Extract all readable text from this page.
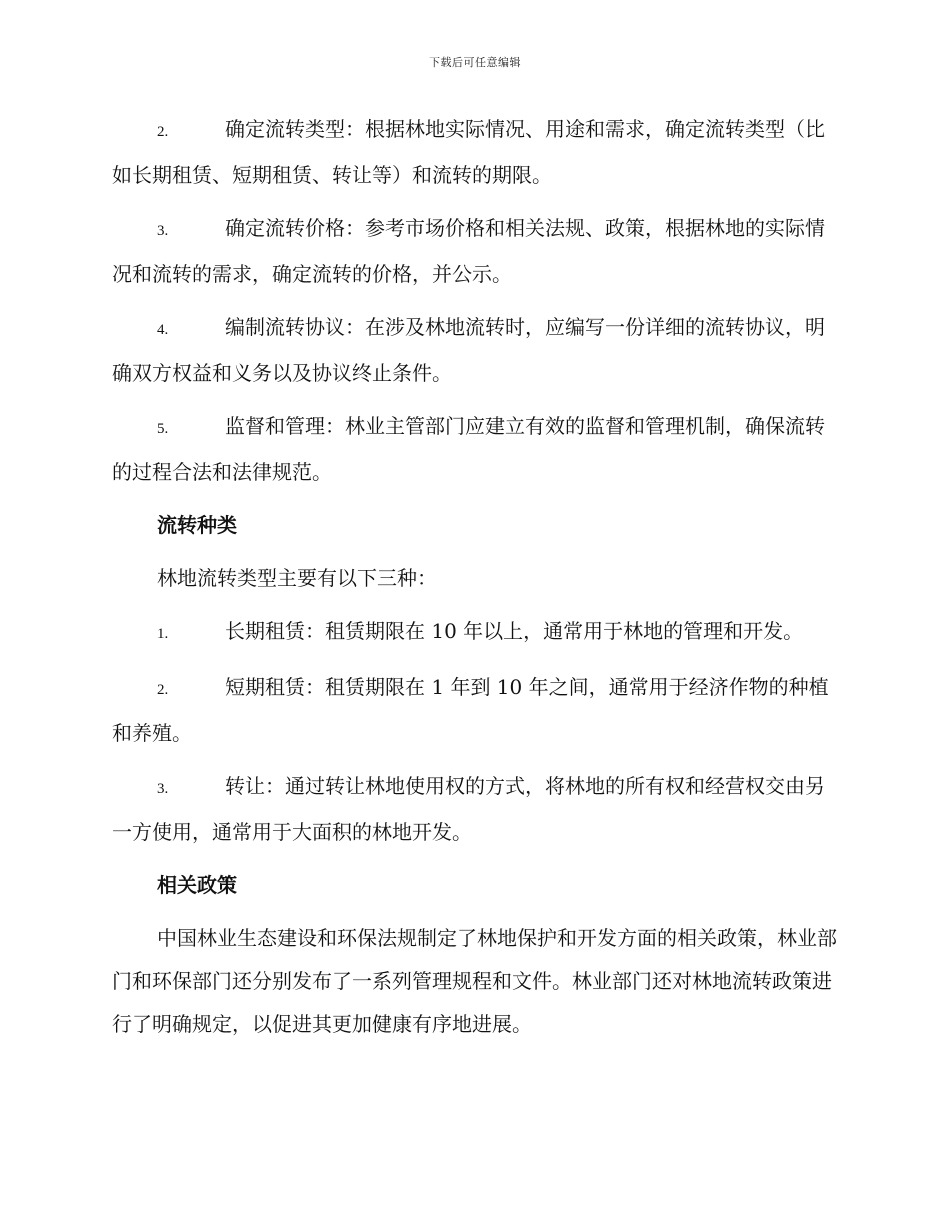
下载后可任意编辑

2.	确定流转类型：根据林地实际情况、用途和需求，确定流转类型（比如长期租赁、短期租赁、转让等）和流转的期限。

3.	确定流转价格：参考市场价格和相关法规、政策，根据林地的实际情况和流转的需求，确定流转的价格，并公示。

4.	编制流转协议：在涉及林地流转时，应编写一份详细的流转协议，明确双方权益和义务以及协议终止条件。

5.	监督和管理：林业主管部门应建立有效的监督和管理机制，确保流转的过程合法和法律规范。

流转种类

林地流转类型主要有以下三种：

1.	长期租赁：租赁期限在 10 年以上，通常用于林地的管理和开发。

2.	短期租赁：租赁期限在 1 年到 10 年之间，通常用于经济作物的种植和养殖。

3.	转让：通过转让林地使用权的方式，将林地的所有权和经营权交由另一方使用，通常用于大面积的林地开发。

相关政策

中国林业生态建设和环保法规制定了林地保护和开发方面的相关政策，林业部门和环保部门还分别发布了一系列管理规程和文件。林业部门还对林地流转政策进行了明确规定，以促进其更加健康有序地进展。
